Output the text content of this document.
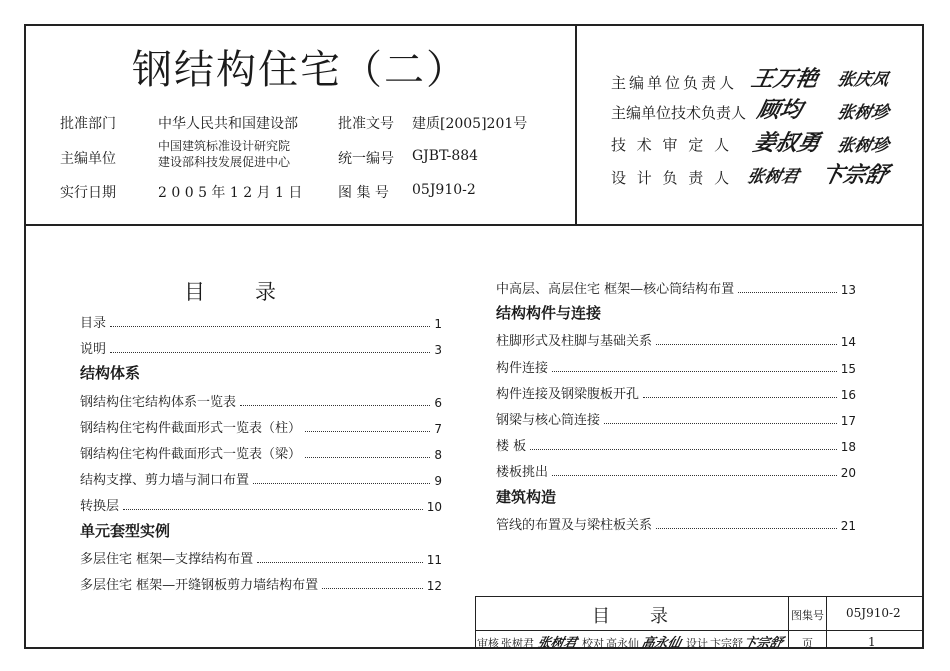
钢结构住宅（二）
批准部门	中华人民共和国建设部
主编单位
中国建筑标准设计研究院
建设部科技发展促进中心
实行日期	2 0 0 5 年 1 2 月 1 日
批准文号 建质[2005]201号
统一编号 GJBT-884
图 集 号 05J910-2
主编单位负责人 王万艳 张庆凤
主编单位技术负责人 顾均 张树珍
技 术 审 定 人 姜叔勇 张树珍
设 计 负 责 人 张树君 卞宗舒
目录
目录	1
说明	3
结构体系
钢结构住宅结构体系一览表	6
钢结构住宅构件截面形式一览表（柱）	7
钢结构住宅构件截面形式一览表（梁）	8
结构支撑、剪力墙与洞口布置	9
转换层	10
单元套型实例
多层住宅 框架—支撑结构布置	11
多层住宅 框架—开缝钢板剪力墙结构布置	12
中高层、高层住宅 框架—核心筒结构布置	13
结构构件与连接
柱脚形式及柱脚与基础关系	14
构件连接	15
构件连接及钢梁腹板开孔	16
钢梁与核心筒连接	17
楼 板	18
楼板挑出	20
建筑构造
管线的布置及与梁柱板关系	21
目录	图集号 05J910-2
页	1
审核 张树君 张树君 校对 高永仙 高永仙 设计 卞宗舒
卞宗舒
